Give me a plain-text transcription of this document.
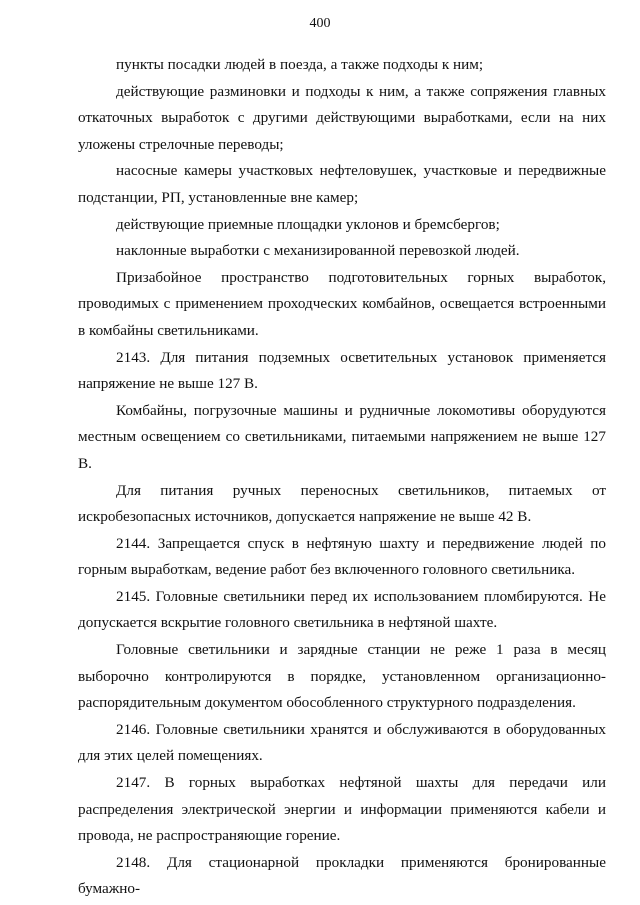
400

пункты посадки людей в поезда, а также подходы к ним;

действующие разминовки и подходы к ним, а также сопряжения главных откаточных выработок с другими действующими выработками, если на них уложены стрелочные переводы;

насосные камеры участковых нефтеловушек, участковые и передвижные подстанции, РП, установленные вне камер;

действующие приемные площадки уклонов и бремсбергов;

наклонные выработки с механизированной перевозкой людей.

Призабойное пространство подготовительных горных выработок, проводимых с применением проходческих комбайнов, освещается встроенными в комбайны светильниками.

2143. Для питания подземных осветительных установок применяется напряжение не выше 127 В.

Комбайны, погрузочные машины и рудничные локомотивы оборудуются местным освещением со светильниками, питаемыми напряжением не выше 127 В.

Для питания ручных переносных светильников, питаемых от искробезопасных источников, допускается напряжение не выше 42 В.

2144. Запрещается спуск в нефтяную шахту и передвижение людей по горным выработкам, ведение работ без включенного головного светильника.

2145. Головные светильники перед их использованием пломбируются. Не допускается вскрытие головного светильника в нефтяной шахте.

Головные светильники и зарядные станции не реже 1 раза в месяц выборочно контролируются в порядке, установленном организационно-распорядительным документом обособленного структурного подразделения.

2146. Головные светильники хранятся и обслуживаются в оборудованных для этих целей помещениях.

2147. В горных выработках нефтяной шахты для передачи или распределения электрической энергии и информации применяются кабели и провода, не распространяющие горение.

2148. Для стационарной прокладки применяются бронированные бумажно-
